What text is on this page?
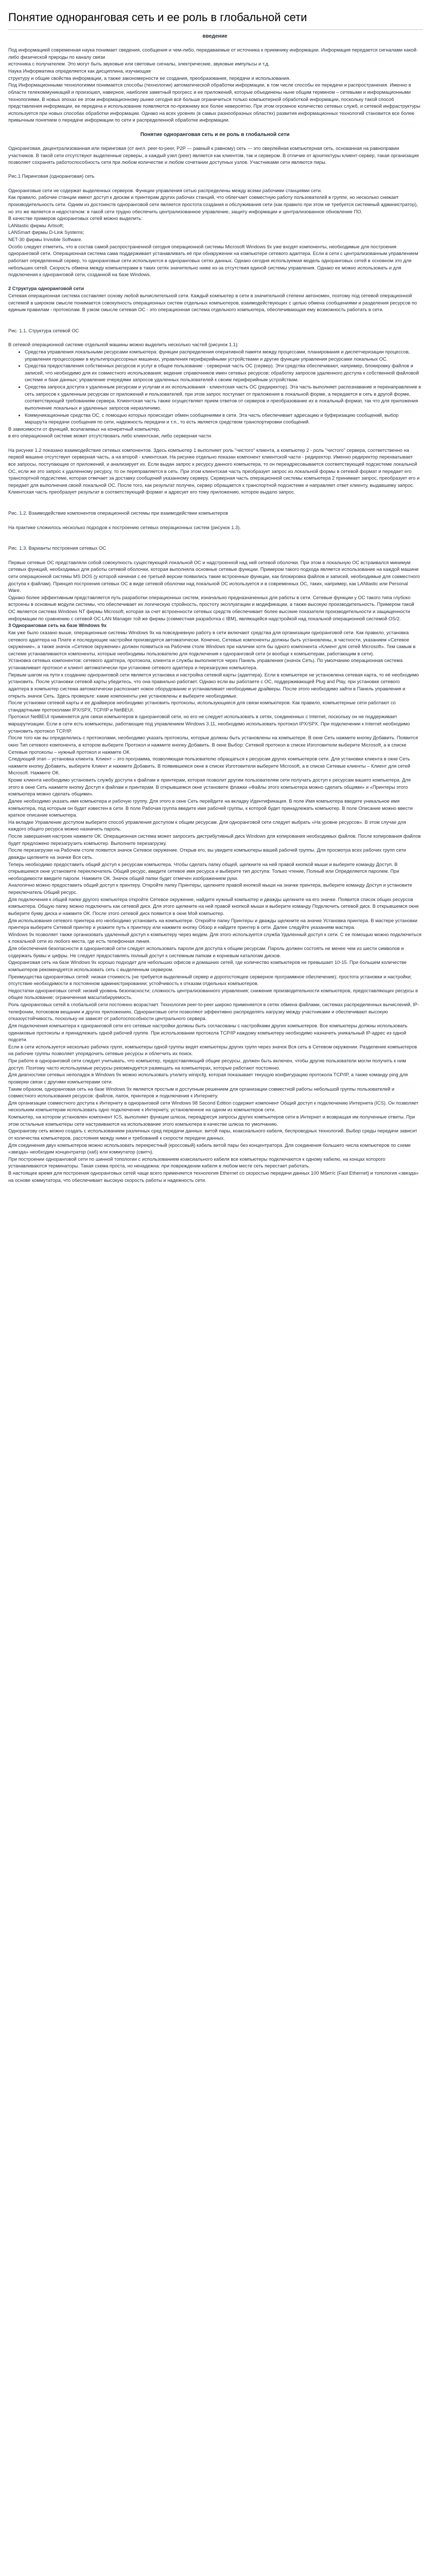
Понятие одноранговая сеть и ее роль в глобальной сети

введение

Под информацией современная наука понимает сведения, сообщения и чем-либо, передаваемые от источника к приемнику информации. Информация передается сигналами какой-либо физической природы по каналу связи

источника с получателем. Это могут быть звуковые или световые сигналы, электрические, звуковые импульсы и т.д.

Наука Информатика определяется как дисциплина, изучающая

структуру и общие свойства информации, а также закономерности ее создания, преобразования, передачи и использования.

Под Информационными технологиями понимается способы (технологии) автоматической обработки информации, в том числе способы ее передачи и распространения. Именно в области телекоммуникаций и произошел, наверное, наиболее заметный прогресс и ее приложений, которые объединены ныне общим термином – сетевыми и информационными технологиями. В новых эпохах ее этом информационному рынке сегодня всё больше ограничиться только компьютерной обработкой информации, поскольку такой способ представления информации, ее передача и использование появляются по-прежнему все более невероятно. При этом огромное количество сетевых служб, и сетевой инфраструктуры используется при новых способах обработки информации. Однако на всех уровнях (в самых разнообразных областях) развития информационных технологий становится все более привычным понятием о передаче информации по сети и распределенной обработке информации.

Понятие одноранговая сеть и ее роль в глобальной сети

Одноранговая, децентрализованная или пиринговая (от англ. peer-to-peer, P2P — равный к равному) сеть — это оверлейная компьютерная сеть, основанная на равноправии участников. В такой сети отсутствуют выделенные серверы, а каждый узел (peer) является как клиентом, так и сервером. В отличие от архитектуры клиент-сервер, такая организация позволяет сохранять работоспособность сети при любом количестве и любом сочетании доступных узлов. Участниками сети являются пиры.

Рис.1 Пиринговая (одноранговая) сеть

Одноранговые сети не содержат выделенных серверов. Функции управления сетью распределены между всеми рабочими станциями сети.

Как правило, рабочие станции имеют доступ к дискам и принтерам других рабочих станций, что облегчает совместную работу пользователей в группе, но несколько снижает производительность сети. Одним из достоинств одноранговой сети является простота создания и обслуживания сети (как правило при этом не требуется системный администратор), но это же является и недостатком: в такой сети трудно обеспечить централизованное управление, защиту информации и централизованное обновление ПО.

В качестве примеров одноранговых сетей можно выделить:

LANtastic фирмы Artisoft;

LANSmart фирмы D-Link Systems;

NET-30 фирмы Invisible Software.

Особо следует отметить, что в состав самой распространенной сегодня операционной системы Microsoft Windows 9x уже входят компоненты, необходимые для построения одноранговой сети. Операционная система сама поддерживает устанавливать её при обнаружении на компьютере сетевого адаптера. Если в сети с централизованным управлением работает определенный сервер, то одноранговые сети используются в одноранговых сетях данных. Однако сегодня используемая модель одноранговых сетей в основном это для небольших сетей. Скорость обмена между компьютерами в таких сетях значительно ниже из-за отсутствия единой системы управления. Однако ее можно использовать и для подключения к одноранговой сети, созданной на базе Windows.

2 Структура одноранговой сети

Сетевая операционная система составляет основу любой вычислительной сети. Каждый компьютер в сети в значительной степени автономен, поэтому под сетевой операционной системой в широком смысле понимается совокупность операционных систем отдельных компьютеров, взаимодействующих с целью обмена сообщениями и разделения ресурсов по единым правилам - протоколам. В узком смысле сетевая ОС - это операционная система отдельного компьютера, обеспечивающая ему возможность работать в сети.

Рис. 1.1. Структура сетевой ОС

В сетевой операционной системе отдельной машины можно выделить несколько частей (рисунок 1.1):

• Средства управления локальными ресурсами компьютера: функции распределения оперативной памяти между процессами, планирования и диспетчеризации процессов, управления процессорами в мультипроцессорных машинах, управления периферийными устройствами и другие функции управления ресурсами локальных ОС.
• Средства предоставления собственных ресурсов и услуг в общее пользование - серверная часть ОС (сервер). Эти средства обеспечивают, например, блокировку файлов и записей, что необходимо для их совместного использования; ведение справочников имен сетевых ресурсов; обработку запросов удаленного доступа к собственной файловой системе и базе данных; управление очередями запросов удаленных пользователей к своим периферийным устройствам.
• Средства запроса доступа к удаленным ресурсам и услугам и их использования - клиентская часть ОС (редиректор). Эта часть выполняет распознавание и перенаправление в сеть запросов к удаленным ресурсам от приложений и пользователей, при этом запрос поступает от приложения в локальной форме, а передается в сеть в другой форме, соответствующей требованиям сервера. Клиентская часть также осуществляет прием ответов от серверов и преобразование их в локальный формат, так что для приложения выполнение локальных и удаленных запросов неразличимо.
• Коммуникационные средства ОС, с помощью которых происходит обмен сообщениями в сети. Эта часть обеспечивает адресацию и буферизацию сообщений, выбор маршрута передачи сообщения по сети, надежность передачи и т.п., то есть является средством транспортировки сообщений.

В зависимости от функций, возлагаемых на конкретный компьютер,

в его операционной системе может отсутствовать либо клиентская, либо серверная части.

На рисунке 1.2 показано взаимодействие сетевых компонентов. Здесь компьютер 1 выполняет роль "чистого" клиента, а компьютер 2 - роль "чистого" сервера, соответственно на первой машине отсутствует серверная часть, а на второй - клиентская. На рисунке отдельно показан компонент клиентской части - редиректор. Именно редиректор перехватывает все запросы, поступающие от приложений, и анализирует их. Если выдан запрос к ресурсу данного компьютера, то он переадресовывается соответствующей подсистеме локальной ОС, если же это запрос к удаленному ресурсу, то он переправляется в сеть. При этом клиентская часть преобразует запрос из локальной формы в сетевой формат и передает его транспортной подсистеме, которая отвечает за доставку сообщений указанному серверу. Серверная часть операционной системы компьютера 2 принимает запрос, преобразует его и передает для выполнения своей локальной ОС. После того, как результат получен, сервер обращается к транспортной подсистеме и направляет ответ клиенту, выдавшему запрос. Клиентская часть преобразует результат в соответствующий формат и адресует его тому приложению, которое выдало запрос.

Рис. 1.2. Взаимодействие компонентов операционной системы при взаимодействии компьютеров

На практике сложилось несколько подходов к построению сетевых операционных систем (рисунок 1.3).

Рис. 1.3. Варианты построения сетевых ОС

Первые сетевые ОС представляли собой совокупность существующей локальной ОС и надстроенной над ней сетевой оболочки. При этом в локальную ОС встраивался минимум сетевых функций, необходимых для работы сетевой оболочки, которая выполняла основные сетевые функции. Примером такого подхода является использование на каждой машине сети операционной системы MS DOS (у которой начиная с ее третьей версии появились такие встроенные функции, как блокировка файлов и записей, необходимые для совместного доступа к файлам). Принцип построения сетевых ОС в виде сетевой оболочки над локальной ОС используется и в современных ОС, таких, например, как LANtastic или Personal Ware.

Однако более эффективным представляется путь разработки операционных систем, изначально предназначенных для работы в сети. Сетевые функции у ОС такого типа глубоко встроены в основные модули системы, что обеспечивает их логическую стройность, простоту эксплуатации и модификации, а также высокую производительность. Примером такой ОС является система Windows NT фирмы Microsoft, которая за счет встроенности сетевых средств обеспечивает более высокие показатели производительности и защищенности информации по сравнению с сетевой ОС LAN Manager той же фирмы (совместная разработка с IBM), являющейся надстройкой над локальной операционной системой OS/2.

3 Одноранговая сеть на базе Windows 9x

Как уже было сказано выше, операционные системы Windows 9x на повседневную работу в сети включают средства для организации одноранговой сети. Как правило, установка сетевого адаптера на Плате и последующие настройки производятся автоматически. Конечно, Сетевые компоненты должны быть установлены, в частности, указанием «Сетевое окружение», а также значок «Сетевое окружение» должен появиться на Рабочем столе Windows при наличии хотя бы одного компонента «Клиент для сетей Microsoft». Тем самым в системе устанавливаются компоненты, которые необходимы пользователю для подключения к одноранговой сети (и вообще к компьютерам, работающим в сети).

Установка сетевых компонентов: сетевого адаптера, протокола, клиента и службы выполняется через Панель управления (значок Сеть). По умолчанию операционная система устанавливает протокол и клиент автоматически при установке сетевого адаптера и перезагрузке компьютера.

Первым шагом на пути к созданию одноранговой сети является установка и настройка сетевой карты (адаптера). Если в компьютере не установлена сетевая карта, то её необходимо установить. После установки сетевой карты убедитесь, что она правильно работает. Однако если вы работаете с ОС, поддерживающей Plug and Play, при установке сетевого адаптера в компьютер система автоматически распознает новое оборудование и устанавливает необходимые драйверы. После этого необходимо зайти в Панель управления и открыть значок Сеть. Здесь проверьте: какие компоненты уже установлены и выберите необходимые.

После установки сетевой карты и ее драйверов необходимо установить протоколы, использующиеся для связи компьютеров. Как правило, компьютерные сети работают со стандартными протоколами IPX/SPX, TCP/IP и NetBEUI.

Протокол NetBEUI применяется для связи компьютеров в одноранговой сети, но его не следует использовать в сетях, соединенных с Internet, поскольку он не поддерживает маршрутизации. Если в сети есть компьютеры, работающие под управлением Windows 3.11, необходимо использовать протокол IPX/SPX. При подключении к Internet необходимо установить протокол TCP/IP.

После того как вы определились с протоколами, необходимо указать протоколы, которые должны быть установлены на компьютере. В окне Сеть нажмите кнопку Добавить. Появится окно Тип сетевого компонента, в котором выберите Протокол и нажмите кнопку Добавить. В окне Выбор: Сетевой протокол в списке Изготовители выберите Microsoft, а в списке Сетевые протоколы – нужный протокол и нажмите ОК.

Следующий этап – установка клиента. Клиент – это программа, позволяющая пользователю обращаться к ресурсам других компьютеров сети. Для установки клиента в окне Сеть нажмите кнопку Добавить, выберите Клиент и нажмите Добавить. В появившемся окне в списке Изготовители выберите Microsoft, а в списке Сетевые клиенты – Клиент для сетей Microsoft. Нажмите ОК.

Кроме клиента необходимо установить службу доступа к файлам и принтерам, которая позволит другим пользователям сети получать доступ к ресурсам вашего компьютера. Для этого в окне Сеть нажмите кнопку Доступ к файлам и принтерам. В открывшемся окне установите флажки «Файлы этого компьютера можно сделать общими» и «Принтеры этого компьютера можно сделать общими».

Далее необходимо указать имя компьютера и рабочую группу. Для этого в окне Сеть перейдите на вкладку Идентификация. В поле Имя компьютера введите уникальное имя компьютера, под которым он будет известен в сети. В поле Рабочая группа введите имя рабочей группы, к которой будет принадлежать компьютер. В поле Описание можно ввести краткое описание компьютера.

На вкладке Управление доступом выберите способ управления доступом к общим ресурсам. Для одноранговой сети следует выбрать «На уровне ресурсов». В этом случае для каждого общего ресурса можно назначить пароль.

После завершения настроек нажмите ОК. Операционная система может запросить дистрибутивный диск Windows для копирования необходимых файлов. После копирования файлов будет предложено перезагрузить компьютер. Выполните перезагрузку.

После перезагрузки на Рабочем столе появится значок Сетевое окружение. Открыв его, вы увидите компьютеры вашей рабочей группы. Для просмотра всех рабочих групп сети дважды щелкните на значке Вся сеть.

Теперь необходимо предоставить общий доступ к ресурсам компьютера. Чтобы сделать папку общей, щелкните на ней правой кнопкой мыши и выберите команду Доступ. В открывшемся окне установите переключатель Общий ресурс, введите сетевое имя ресурса и выберите тип доступа: Только чтение, Полный или Определяется паролем. При необходимости введите пароли. Нажмите ОК. Значок общей папки будет отмечен изображением руки.

Аналогично можно предоставить общий доступ к принтеру. Откройте папку Принтеры, щелкните правой кнопкой мыши на значке принтера, выберите команду Доступ и установите переключатель Общий ресурс.

Для подключения к общей папке другого компьютера откройте Сетевое окружение, найдите нужный компьютер и дважды щелкните на его значке. Появится список общих ресурсов компьютера. Общую папку можно подключить как сетевой диск. Для этого щелкните на ней правой кнопкой мыши и выберите команду Подключить сетевой диск. В открывшемся окне выберите букву диска и нажмите ОК. После этого сетевой диск появится в окне Мой компьютер.

Для использования сетевого принтера его необходимо установить на компьютере. Откройте папку Принтеры и дважды щелкните на значке Установка принтера. В мастере установки принтера выберите Сетевой принтер и укажите путь к принтеру или нажмите кнопку Обзор и найдите принтер в сети. Далее следуйте указаниям мастера.

Windows 9x позволяет также организовать удаленный доступ к компьютеру через модем. Для этого используется служба Удаленный доступ к сети. С ее помощью можно подключиться к локальной сети из любого места, где есть телефонная линия.

Для обеспечения безопасности в одноранговой сети следует использовать пароли для доступа к общим ресурсам. Пароль должен состоять не менее чем из шести символов и содержать буквы и цифры. Не следует предоставлять полный доступ к системным папкам и корневым каталогам дисков.

Одноранговая сеть на базе Windows 9x хорошо подходит для небольших офисов и домашних сетей, где количество компьютеров не превышает 10-15. При большем количестве компьютеров рекомендуется использовать сеть с выделенным сервером.

Преимущества одноранговых сетей: низкая стоимость (не требуется выделенный сервер и дорогостоящее серверное программное обеспечение); простота установки и настройки; отсутствие необходимости в постоянном администрировании; устойчивость к отказам отдельных компьютеров.

Недостатки одноранговых сетей: низкий уровень безопасности; сложность централизованного управления; снижение производительности компьютеров, предоставляющих ресурсы в общее пользование; ограниченная масштабируемость.

Роль одноранговых сетей в глобальной сети постоянно возрастает. Технология peer-to-peer широко применяется в сетях обмена файлами, системах распределенных вычислений, IP-телефонии, потоковом вещании и других приложениях. Одноранговые сети позволяют эффективно распределять нагрузку между участниками и обеспечивают высокую отказоустойчивость, поскольку не зависят от работоспособности центрального сервера.

Для подключения компьютера к одноранговой сети его сетевые настройки должны быть согласованы с настройками других компьютеров. Все компьютеры должны использовать одинаковые протоколы и принадлежать одной рабочей группе. При использовании протокола TCP/IP каждому компьютеру необходимо назначить уникальный IP-адрес из одной подсети.

Если в сети используется несколько рабочих групп, компьютеры одной группы видят компьютеры других групп через значок Вся сеть в Сетевом окружении. Разделение компьютеров на рабочие группы позволяет упорядочить сетевые ресурсы и облегчить их поиск.

При работе в одноранговой сети следует учитывать, что компьютер, предоставляющий общие ресурсы, должен быть включен, чтобы другие пользователи могли получить к ним доступ. Поэтому часто используемые ресурсы рекомендуется размещать на компьютерах, которые работают постоянно.

Для диагностики сетевых неполадок в Windows 9x можно использовать утилиту winipcfg, которая показывает текущую конфигурацию протокола TCP/IP, а также команду ping для проверки связи с другими компьютерами сети.

Таким образом, одноранговая сеть на базе Windows 9x является простым и доступным решением для организации совместной работы небольшой группы пользователей и совместного использования ресурсов: файлов, папок, принтеров и подключения к Интернету.

Для организации совместного доступа к Интернету в одноранговой сети Windows 98 Second Edition содержит компонент Общий доступ к подключению Интернета (ICS). Он позволяет нескольким компьютерам использовать одно подключение к Интернету, установленное на одном из компьютеров сети.

Компьютер, на котором установлен компонент ICS, выполняет функции шлюза, переадресуя запросы других компьютеров сети в Интернет и возвращая им полученные ответы. При этом остальные компьютеры сети настраиваются на использование этого компьютера в качестве шлюза по умолчанию.

Однорангову сеть можно создать с использованием различных сред передачи данных: витой пары, коаксиального кабеля, беспроводных технологий. Выбор среды передачи зависит от количества компьютеров, расстояния между ними и требований к скорости передачи данных.

Для соединения двух компьютеров можно использовать перекрестный (кроссовый) кабель витой пары без концентратора. Для соединения большего числа компьютеров по схеме «звезда» необходим концентратор (хаб) или коммутатор (свитч).

При построении одноранговой сети по шинной топологии с использованием коаксиального кабеля все компьютеры подключаются к одному кабелю, на концах которого устанавливаются терминаторы. Такая схема проста, но ненадежна: при повреждении кабеля в любом месте сеть перестает работать.

В настоящее время для построения одноранговых сетей чаще всего применяется технология Ethernet со скоростью передачи данных 100 Мбит/с (Fast Ethernet) и топология «звезда» на основе коммутатора, что обеспечивает высокую скорость работы и надежность сети.
